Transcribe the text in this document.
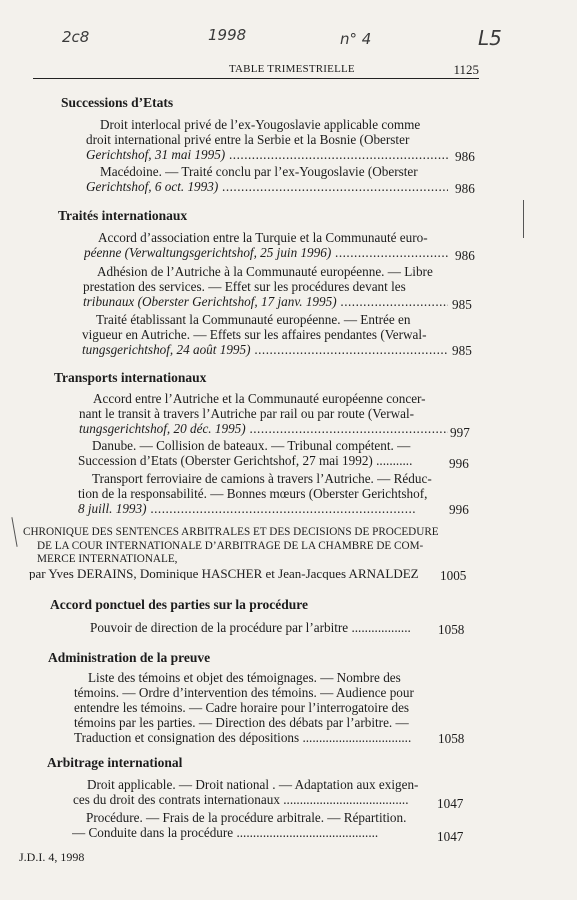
2c8	1998	n° 4	L5
TABLE TRIMESTRIELLE	1125
Successions d’Etats
Droit interlocal privé de l’ex-Yougoslavie applicable comme
droit international privé entre la Serbie et la Bosnie (Oberster
Gerichtshof, 31 mai 1995) .....	986
Macédoine. — Traité conclu par l’ex-Yougoslavie (Oberster
Gerichtshof, 6 oct. 1993) .....	986
Traités internationaux
Accord d’association entre la Turquie et la Communauté euro-
péenne (Verwaltungsgerichtshof, 25 juin 1996) .....	986
Adhésion de l’Autriche à la Communauté européenne. — Libre
prestation des services. — Effet sur les procédures devant les
tribunaux (Oberster Gerichtshof, 17 janv. 1995) .....	985
Traité établissant la Communauté européenne. — Entrée en
vigueur en Autriche. — Effets sur les affaires pendantes (Verwal-
tungsgerichtshof, 24 août 1995) .....	985
Transports internationaux
Accord entre l’Autriche et la Communauté européenne concer-
nant le transit à travers l’Autriche par rail ou par route (Verwal-
tungsgerichtshof, 20 déc. 1995) .....	997
Danube. — Collision de bateaux. — Tribunal compétent. —
Succession d’Etats (Oberster Gerichtshof, 27 mai 1992) ...........	996
Transport ferroviaire de camions à travers l’Autriche. — Réduc-
tion de la responsabilité. — Bonnes mœurs (Oberster Gerichtshof,
8 juill. 1993) .....	996
CHRONIQUE DES SENTENCES ARBITRALES ET DES DECISIONS DE PROCEDURE
DE LA COUR INTERNATIONALE D’ARBITRAGE DE LA CHAMBRE DE COM-
MERCE INTERNATIONALE,
par Yves DERAINS, Dominique HASCHER et Jean-Jacques ARNALDEZ	1005
Accord ponctuel des parties sur la procédure
Pouvoir de direction de la procédure par l’arbitre .................. 1058
Administration de la preuve
Liste des témoins et objet des témoignages. — Nombre des
témoins. — Ordre d’intervention des témoins. — Audience pour
entendre les témoins. — Cadre horaire pour l’interrogatoire des
témoins par les parties. — Direction des débats par l’arbitre. —
Traduction et consignation des dépositions ................................. 1058
Arbitrage international
Droit applicable. — Droit national . — Adaptation aux exigen-
ces du droit des contrats internationaux ......................................	1047
Procédure. — Frais de la procédure arbitrale. — Répartition.
— Conduite dans la procédure ...........................................	1047
J.D.I. 4, 1998
